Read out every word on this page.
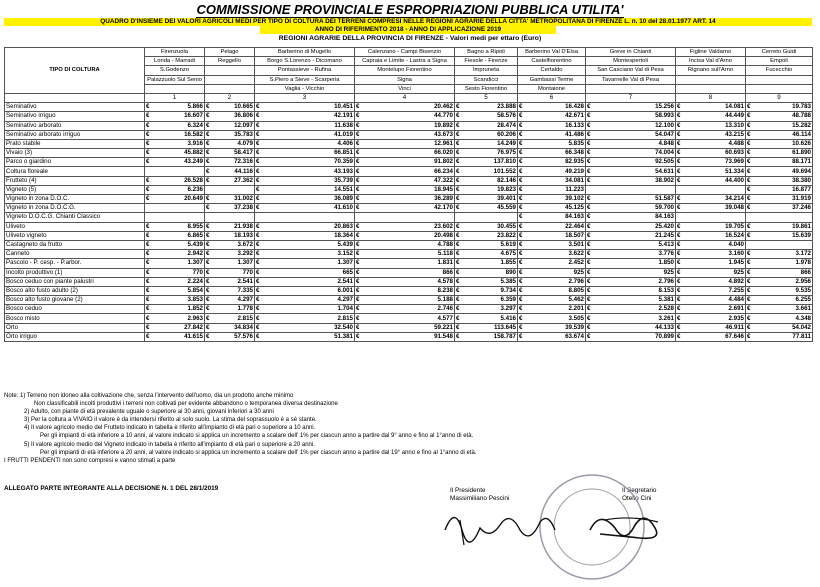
COMMISSIONE PROVINCIALE ESPROPRIAZIONI PUBBLICA UTILITA'
QUADRO D'INSIEME DEI VALORI AGRICOLI MEDI PER TIPO DI COLTURA DEI TERRENI COMPRESI NELLE REGIONI AGRARIE DELLA CITTA' METROPOLITANA DI FIRENZE L. n. 10 del 28.01.1977 ART. 14
ANNO DI RIFERIMENTO 2018 - ANNO DI APPLICAZIONE 2019
REGIONI AGRARIE DELLA PROVINCIA DI FIRENZE - Valori medi per ettaro (Euro)
TIPO DI COLTURA	Firenzuola	Pelago	Barberino di Mugello	Calenzano - Campi Bisenzio	Bagno a Ripoli	Barberino Val D'Elsa	Greve in Chianti	Figline Valdarno	Cerreto Guidi
	Londa - Marradi	Reggello	Borgo S.Lorenzo - Dicomano	Capraia e Limite - Lastra a Signa	Fiesole - Firenze	Castelfiorentino	Montespertoli	Incisa Val d'Arno	Empoli
	S.Godenzo		Pontassieve - Rufina	Montelupo Fiorentino	Impruneta	Certaldo	San Casciano Val di Pesa	Rignano sull'Arno	Fucecchio
	Palazzuolo Sul Senio		S.Piero a Sieve - Scarperia	Signa	Scandicci	Gambassi Terme	Tavarnelle Val di Pesa		
			Vaglia - Vicchio	Vinci	Sesto Fiorentino	Montaione			
	1	2	3	4	5	6	7	8	9
Seminativo	€ 5.866	€ 10.665	€ 10.451	€ 20.462	€ 23.888	€ 16.428	€ 15.256	€ 14.081	€ 19.783

Seminativo irriguo	€ 16.607	€ 36.806	€ 42.191	€ 44.770	€ 58.576	€ 42.671	€ 58.993	€ 44.449	€ 48.788

Seminativo arborato	€ 6.324	€ 12.097	€ 11.638	€ 19.892	€ 28.474	€ 16.133	€ 12.100	€ 13.310	€ 15.282

Seminativo arborato irriguo	€ 16.582	€ 35.783	€ 41.019	€ 43.673	€ 60.206	€ 41.486	€ 54.047	€ 43.215	€ 46.114

Prato stabile	€ 3.916	€ 4.079	€ 4.406	€ 12.961	€ 14.249	€ 5.835	€ 4.848	€ 4.488	€ 10.626

Vivaio (3)	€ 45.882	€ 58.417	€ 66.851	€ 66.020	€ 76.975	€ 66.348	€ 74.004	€ 60.693	€ 61.890

Parco o giardino	€ 43.249	€ 72.316	€ 70.359	€ 91.802	€ 137.810	€ 82.935	€ 92.505	€ 73.969	€ 88.171

Coltura floreale		€ 44.116	€ 43.193	€ 66.234	€ 101.552	€ 49.219	€ 54.631	€ 51.334	€ 49.694

Frutteto (4)	€ 26.528	€ 27.362	€ 35.739	€ 47.322	€ 82.146	€ 34.081	€ 38.902	€ 44.400	€ 38.380

Vigneto (5)	€ 6.236		€ 14.551	€ 18.945	€ 19.823	€ 11.223			€ 16.877

Vigneto in zona D.O.C.	€ 20.649	€ 31.002	€ 36.089	€ 36.289	€ 39.401	€ 39.102	€ 51.587	€ 34.214	€ 31.919

Vigneto in zona D.O.C.G.		€ 37.238	€ 41.610	€ 42.170	€ 45.559	€ 45.125	€ 59.700	€ 39.048	€ 37.246

Vigneto D.O.C.G. Chianti Classico						€ 84.163	€ 84.163		

Uliveto	€ 8.955	€ 21.938	€ 20.863	€ 23.602	€ 30.455	€ 22.464	€ 25.420	€ 19.705	€ 19.861

Uliveto vigneto	€ 6.865	€ 18.193	€ 18.364	€ 20.498	€ 23.822	€ 18.507	€ 21.245	€ 16.524	€ 15.639

Castagneto da frutto	€ 5.439	€ 3.672	€ 5.439	€ 4.788	€ 5.619	€ 3.501	€ 5.413	€ 4.040	

Canneto	€ 2.942	€ 3.292	€ 3.152	€ 5.118	€ 4.675	€ 3.622	€ 3.776	€ 3.160	€ 3.172

Pascolo - P. cesp. - P.arbor.	€ 1.307	€ 1.307	€ 1.307	€ 1.831	€ 1.855	€ 2.452	€ 1.850	€ 1.945	€ 1.978

Incolto produttivo (1)	€ 770	€ 770	€ 665	€ 866	€ 890	€ 925	€ 925	€ 925	€ 866

Bosco ceduo con piante palustri	€ 2.224	€ 2.541	€ 2.541	€ 4.578	€ 5.385	€ 2.796	€ 2.796	€ 4.892	€ 2.956

Bosco alto fusto adulto (2)	€ 5.854	€ 7.335	€ 6.001	€ 8.238	€ 9.734	€ 8.805	€ 8.153	€ 7.255	€ 9.535

Bosco alto fusto giovane (2)	€ 3.853	€ 4.297	€ 4.297	€ 5.188	€ 6.359	€ 5.462	€ 5.381	€ 4.484	€ 6.255

Bosco ceduo	€ 1.852	€ 1.778	€ 1.704	€ 2.746	€ 3.297	€ 2.201	€ 2.528	€ 2.691	€ 3.661

Bosco misto	€ 2.963	€ 2.815	€ 2.815	€ 4.577	€ 5.416	€ 3.505	€ 3.261	€ 2.935	€ 4.348

Orto	€ 27.842	€ 34.834	€ 32.540	€ 59.221	€ 113.645	€ 39.539	€ 44.133	€ 46.911	€ 54.042

Orto irriguo	€ 41.615	€ 57.576	€ 51.381	€ 91.548	€ 158.787	€ 63.674	€ 70.899	€ 67.646	€ 77.811
Note: 1) Terreno non idoneo alla coltivazione che, senza l'intervento dell'uomo, dia un prodotto anche minimo
Non classificabili incolti produttivi i terreni non coltivati per evidente abbandono o temporanea diversa destinazione
2) Adulto, con piante di età prevalente uguale o superiore ai 30 anni, giovani inferiori a 30 anni
3) Per la coltura a VIVAIO il valore è da intendersi riferito al solo suolo. La stima del soprassuolo è a sè stante.
4) Il valore agricolo medio del Frutteto indicato in tabella è riferito all'impianto di età pari o superiore a 10 anni.
Per gli impianti di età inferiore a 10 anni, al valore indicato si applica un incremento a scalare dell' 1% per ciascun anno a partire dal 9° anno e fino al 1°anno di età.
5) Il valore agricolo medio del Vigneto indicato in tabella è riferito all'impianto di età pari o superiore a 20 anni.
Per gli impianti di età inferiore a 20 anni, al valore indicato si applica un incremento a scalare dell' 1% per ciascun anno a partire dal 19° anno e fino al 1°anno di età.
I FRUTTI PENDENTI non sono compresi e vanno stimati a parte
ALLEGATO PARTE INTEGRANTE ALLA DECISIONE N. 1 DEL 28/1/2019	Il Presidente
Massimiliano Pescini
Il Segretario
Otello Cini
